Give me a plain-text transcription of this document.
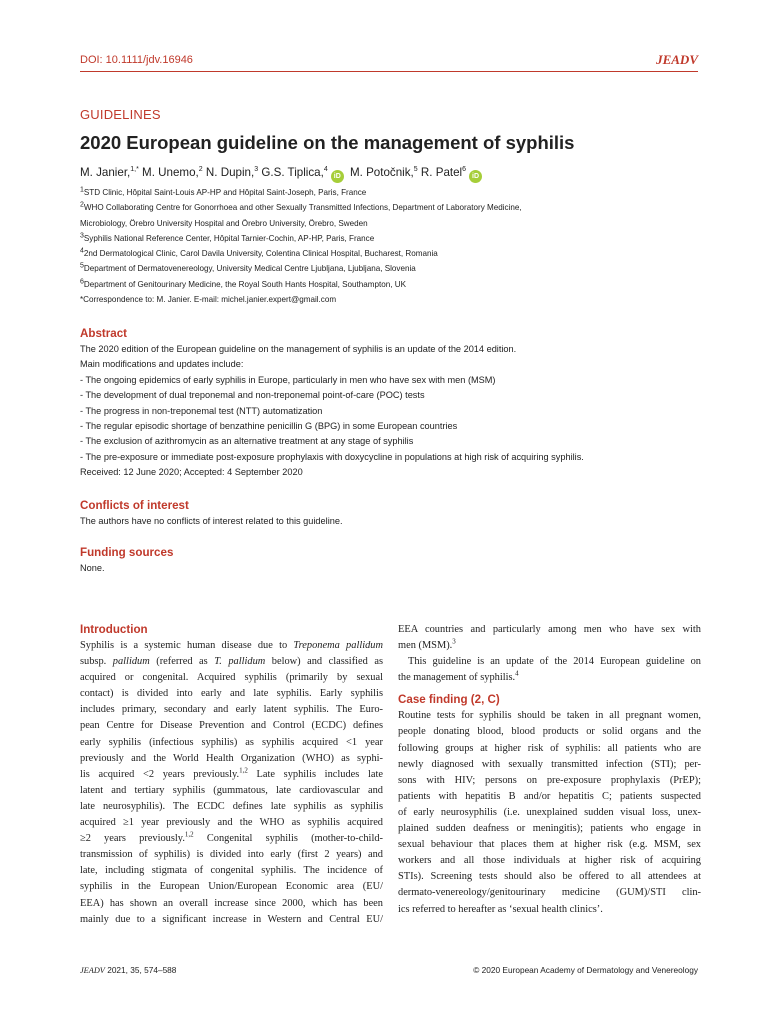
DOI: 10.1111/jdv.16946	JEADV
GUIDELINES
2020 European guideline on the management of syphilis
M. Janier,$^{1,*}$ M. Unemo,$^2$ N. Dupin,$^3$ G.S. Tiplica,$^4$iD M. Potočnik,$^5$ R. Patel$^6$iD
$^1$STD Clinic, Hôpital Saint-Louis AP-HP and Hôpital Saint-Joseph, Paris, France
$^2$WHO Collaborating Centre for Gonorrhoea and other Sexually Transmitted Infections, Department of Laboratory Medicine,
Microbiology, Örebro University Hospital and Örebro University, Örebro, Sweden
$^3$Syphilis National Reference Center, Hôpital Tarnier-Cochin, AP-HP, Paris, France
$^4$2nd Dermatological Clinic, Carol Davila University, Colentina Clinical Hospital, Bucharest, Romania
$^5$Department of Dermatovenereology, University Medical Centre Ljubljana, Ljubljana, Slovenia
$^6$Department of Genitourinary Medicine, the Royal South Hants Hospital, Southampton, UK
*Correspondence to: M. Janier. E-mail: michel.janier.expert@gmail.com
Abstract
The 2020 edition of the European guideline on the management of syphilis is an update of the 2014 edition.
Main modifications and updates include:
- The ongoing epidemics of early syphilis in Europe, particularly in men who have sex with men (MSM)
- The development of dual treponemal and non-treponemal point-of-care (POC) tests
- The progress in non-treponemal test (NTT) automatization
- The regular episodic shortage of benzathine penicillin G (BPG) in some European countries
- The exclusion of azithromycin as an alternative treatment at any stage of syphilis
- The pre-exposure or immediate post-exposure prophylaxis with doxycycline in populations at high risk of acquiring syphilis.
Received: 12 June 2020; Accepted: 4 September 2020
Conflicts of interest
The authors have no conflicts of interest related to this guideline.
Funding sources
None.
Introduction
Syphilis is a systemic human disease due to Treponema pallidum
subsp. pallidum (referred as T. pallidum below) and classified as
acquired or congenital. Acquired syphilis (primarily by sexual
contact) is divided into early and late syphilis. Early syphilis
includes primary, secondary and early latent syphilis. The Euro-
pean Centre for Disease Prevention and Control (ECDC) defines
early syphilis (infectious syphilis) as syphilis acquired <1 year
previously and the World Health Organization (WHO) as syphi-
lis acquired <2 years previously.$^{1,2}$ Late syphilis includes late
latent and tertiary syphilis (gummatous, late cardiovascular and
late neurosyphilis). The ECDC defines late syphilis as syphilis
acquired ≥1 year previously and the WHO as syphilis acquired
≥2 years previously.$^{1,2}$ Congenital syphilis (mother-to-child-
transmission of syphilis) is divided into early (first 2 years) and
late, including stigmata of congenital syphilis. The incidence of
syphilis in the European Union/European Economic area (EU/
EEA) has shown an overall increase since 2000, which has been
mainly due to a significant increase in Western and Central EU/
EEA countries and particularly among men who have sex with
men (MSM).$^3$
This guideline is an update of the 2014 European guideline on
the management of syphilis.$^4$
Case finding (2, C)
Routine tests for syphilis should be taken in all pregnant women,
people donating blood, blood products or solid organs and the
following groups at higher risk of syphilis: all patients who are
newly diagnosed with sexually transmitted infection (STI); per-
sons with HIV; persons on pre-exposure prophylaxis (PrEP);
patients with hepatitis B and/or hepatitis C; patients suspected
of early neurosyphilis (i.e. unexplained sudden visual loss, unex-
plained sudden deafness or meningitis); patients who engage in
sexual behaviour that places them at higher risk (e.g. MSM, sex
workers and all those individuals at higher risk of acquiring
STIs). Screening tests should also be offered to all attendees at
dermato-venereology/genitourinary medicine (GUM)/STI clin-
ics referred to hereafter as ‘sexual health clinics’.
JEADV 2021, 35, 574–588	© 2020 European Academy of Dermatology and Venereology
